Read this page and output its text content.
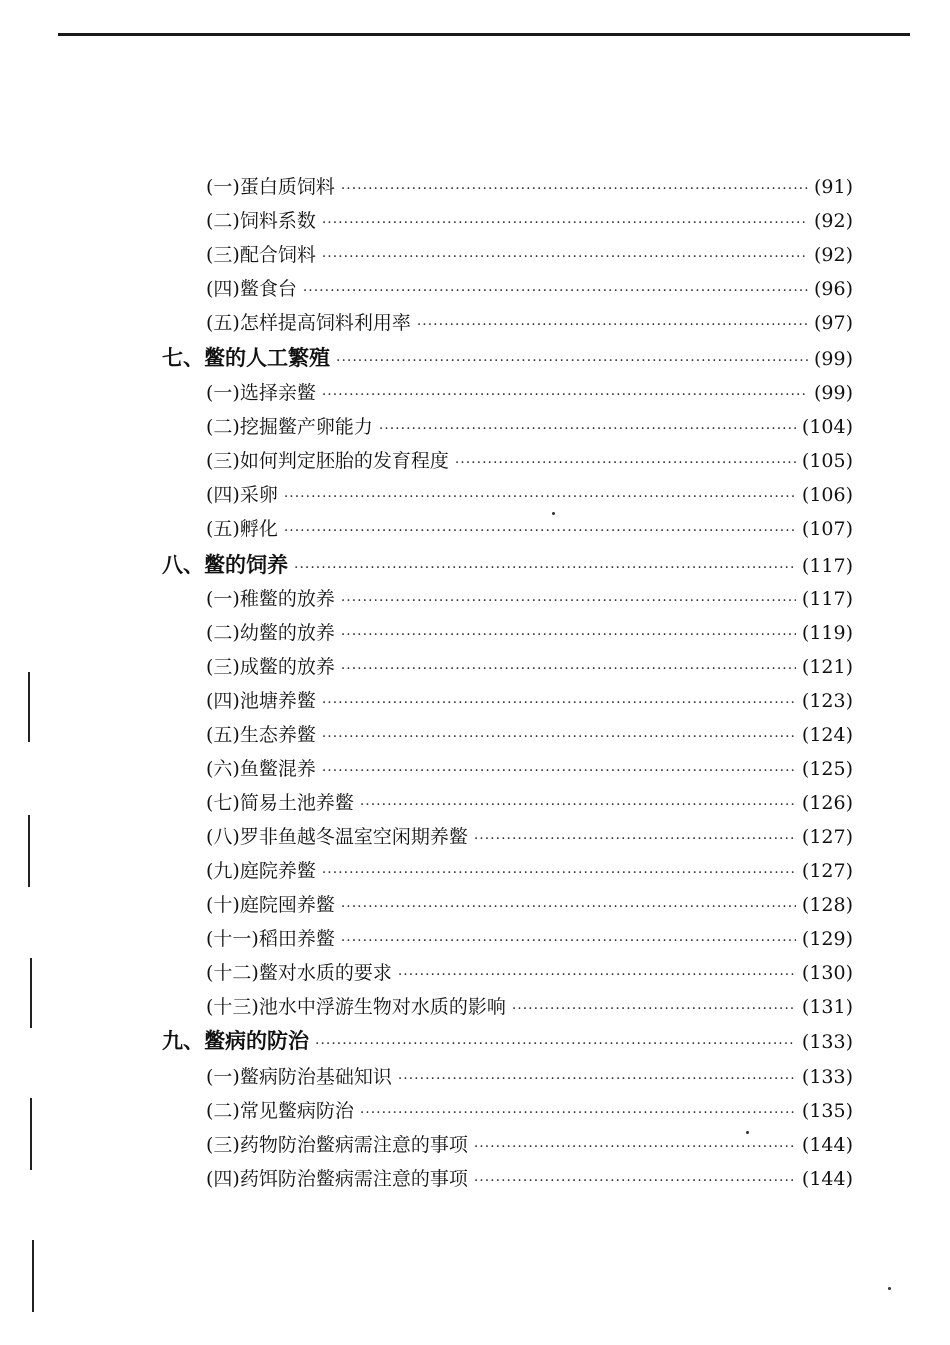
(一)蛋白质饲料 ·····	(91)
(二)饲料系数 ·····	(92)
(三)配合饲料 ·····	(92)
(四)鳖食台 ·····	(96)
(五)怎样提高饲料利用率 ·····	(97)
七、鳖的人工繁殖 ·····	(99)
(一)选择亲鳖 ·····	(99)
(二)挖掘鳖产卵能力 ·····	(104)
(三)如何判定胚胎的发育程度 ·····	(105)
(四)采卵 ·····	(106)
(五)孵化 ·····	(107)
八、鳖的饲养 ·····	(117)
(一)稚鳖的放养 ·····	(117)
(二)幼鳖的放养 ·····	(119)
(三)成鳖的放养 ·····	(121)
(四)池塘养鳖 ·····	(123)
(五)生态养鳖 ·····	(124)
(六)鱼鳖混养 ·····	(125)
(七)简易土池养鳖 ·····	(126)
(八)罗非鱼越冬温室空闲期养鳖 ·····	(127)
(九)庭院养鳖 ·····	(127)
(十)庭院囤养鳖 ·····	(128)
(十一)稻田养鳖 ·····	(129)
(十二)鳖对水质的要求 ·····	(130)
(十三)池水中浮游生物对水质的影响 ·····	(131)
九、鳖病的防治 ·····	(133)
(一)鳖病防治基础知识 ·····	(133)
(二)常见鳖病防治 ·····	(135)
(三)药物防治鳖病需注意的事项 ·····	(144)
(四)药饵防治鳖病需注意的事项 ·····	(144)
